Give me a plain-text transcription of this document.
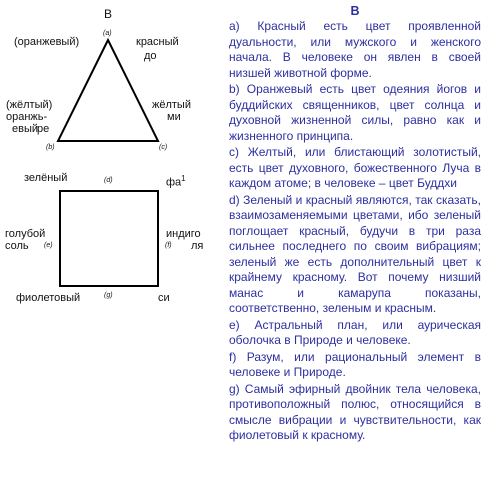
В
(a)
(оранжевый)	красный
до
(жёлтый)
оранжь-
евый
ре
жёлтый
ми
(b)	(c)
зелёный	(d)	$фа^1$
голубой
соль (e)
индиго
(f) ля
(g)
фиолетовый	си
В

а) Красный есть цвет проявленной дуальности, или мужского и женского начала. В человеке он явлен в своей низшей животной форме.

b) Оранжевый есть цвет одеяния йогов и буддийских священников, цвет солнца и духовной жизненной силы, равно как и жизненного принципа.

c) Желтый, или блистающий золотистый, есть цвет духовного, божественного Луча в каждом атоме; в человеке – цвет Буддхи

d) Зеленый и красный являются, так сказать, взаимозаменяемыми цветами, ибо зеленый поглощает красный, будучи в три раза сильнее последнего по своим вибрациям; зеленый же есть дополнительный цвет к крайнему красному. Вот почему низший манас и камарупа показаны, соответственно, зеленым и красным.

e) Астральный план, или аурическая оболочка в Природе и человеке.

f) Разум, или рациональный элемент в человеке и Природе.

g) Самый эфирный двойник тела человека, противоположный полюс, относящийся в смысле вибрации и чувствительности, как фиолетовый к красному.
